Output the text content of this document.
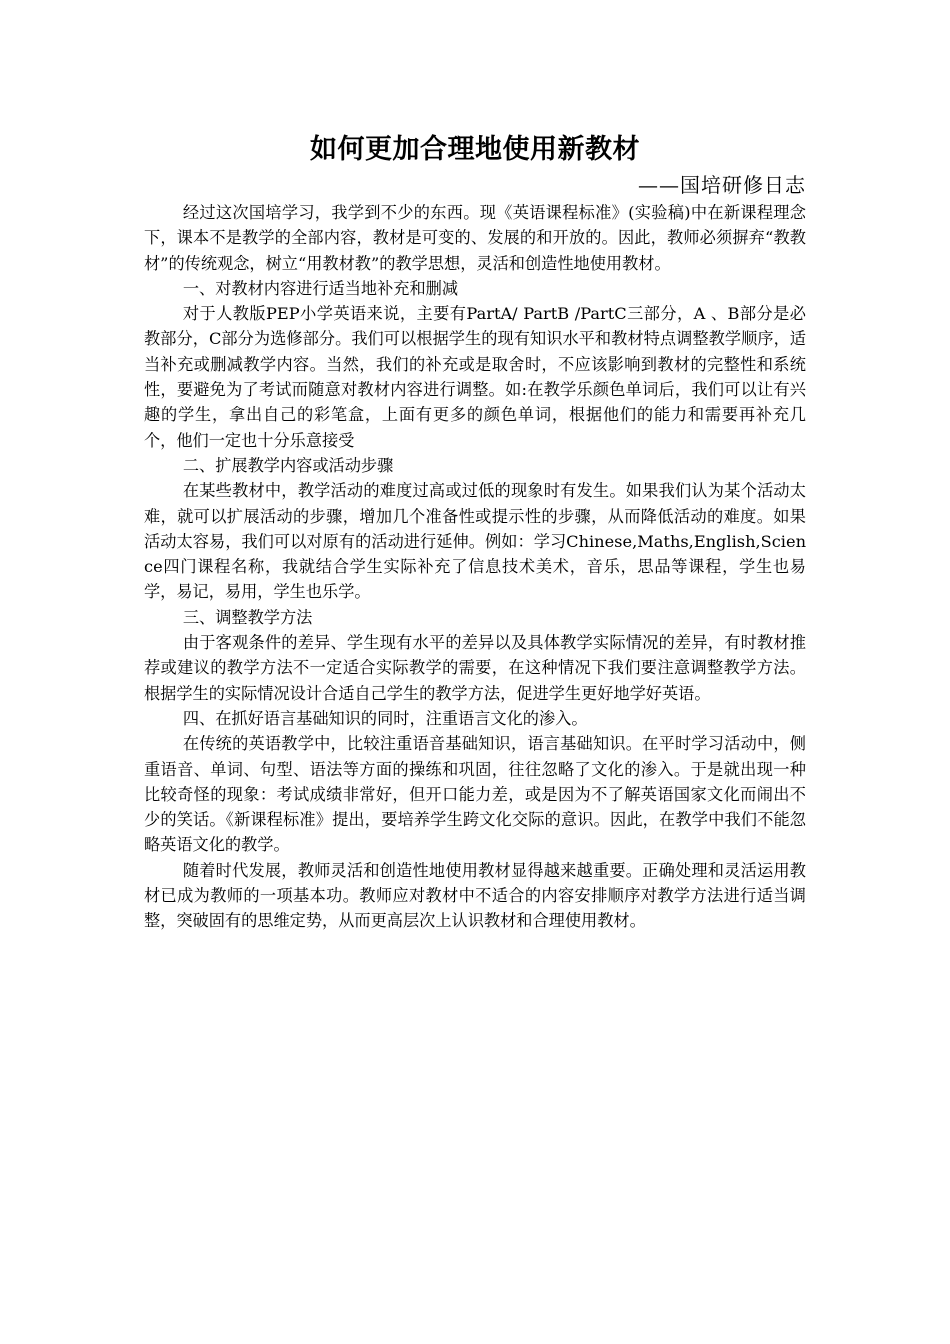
如何更加合理地使用新教材

——国培研修日志

经过这次国培学习，我学到不少的东西。现《英语课程标准》(实验稿)中在新课程理念下，课本不是教学的全部内容，教材是可变的、发展的和开放的。因此，教师必须摒弃“教教材”的传统观念，树立“用教材教”的教学思想，灵活和创造性地使用教材。

一、对教材内容进行适当地补充和删减

对于人教版PEP小学英语来说，主要有PartA/ PartB /PartC三部分，A 、B部分是必教部分，C部分为选修部分。我们可以根据学生的现有知识水平和教材特点调整教学顺序，适当补充或删减教学内容。当然，我们的补充或是取舍时，不应该影响到教材的完整性和系统性，要避免为了考试而随意对教材内容进行调整。如:在教学乐颜色单词后，我们可以让有兴趣的学生，拿出自己的彩笔盒，上面有更多的颜色单词，根据他们的能力和需要再补充几个，他们一定也十分乐意接受

二、扩展教学内容或活动步骤

在某些教材中，教学活动的难度过高或过低的现象时有发生。如果我们认为某个活动太难，就可以扩展活动的步骤，增加几个准备性或提示性的步骤，从而降低活动的难度。如果活动太容易，我们可以对原有的活动进行延伸。例如：学习Chinese,Maths,English,Science四门课程名称，我就结合学生实际补充了信息技术美术，音乐，思品等课程，学生也易学，易记，易用，学生也乐学。

三、调整教学方法

由于客观条件的差异、学生现有水平的差异以及具体教学实际情况的差异，有时教材推荐或建议的教学方法不一定适合实际教学的需要，在这种情况下我们要注意调整教学方法。根据学生的实际情况设计合适自己学生的教学方法，促进学生更好地学好英语。

四、在抓好语言基础知识的同时，注重语言文化的渗入。

在传统的英语教学中，比较注重语音基础知识，语言基础知识。在平时学习活动中，侧重语音、单词、句型、语法等方面的操练和巩固，往往忽略了文化的渗入。于是就出现一种比较奇怪的现象：考试成绩非常好，但开口能力差，或是因为不了解英语国家文化而闹出不少的笑话。《新课程标准》提出，要培养学生跨文化交际的意识。因此，在教学中我们不能忽略英语文化的教学。

随着时代发展，教师灵活和创造性地使用教材显得越来越重要。正确处理和灵活运用教材已成为教师的一项基本功。教师应对教材中不适合的内容安排顺序对教学方法进行适当调整，突破固有的思维定势，从而更高层次上认识教材和合理使用教材。
